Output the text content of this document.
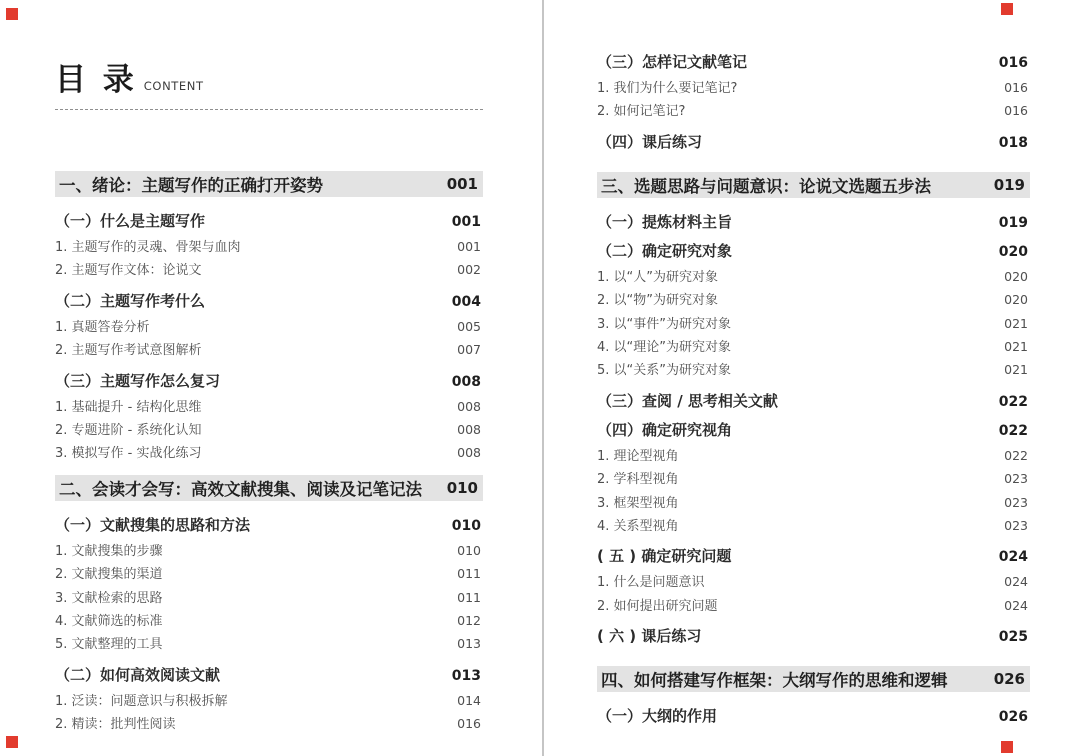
目 录 CONTENT
一、绪论：主题写作的正确打开姿势	001
（一）什么是主题写作	001
1. 主题写作的灵魂、骨架与血肉	001
2. 主题写作文体：论说文	002
（二）主题写作考什么	004
1. 真题答卷分析	005
2. 主题写作考试意图解析	007
（三）主题写作怎么复习	008
1. 基础提升 - 结构化思维	008
2. 专题进阶 - 系统化认知	008
3. 模拟写作 - 实战化练习	008
二、会读才会写：高效文献搜集、阅读及记笔记法 010
（一）文献搜集的思路和方法	010
1. 文献搜集的步骤	010
2. 文献搜集的渠道	011
3. 文献检索的思路	011
4. 文献筛选的标准	012
5. 文献整理的工具	013
（二）如何高效阅读文献	013
1. 泛读：问题意识与积极拆解	014
2. 精读：批判性阅读	016
（三）怎样记文献笔记	016
1. 我们为什么要记笔记?	016
2. 如何记笔记?	016
（四）课后练习	018
三、选题思路与问题意识：论说文选题五步法	019
（一）提炼材料主旨	019
（二）确定研究对象	020
1. 以“人”为研究对象	020
2. 以“物”为研究对象	020
3. 以“事件”为研究对象	021
4. 以“理论”为研究对象	021
5. 以“关系”为研究对象	021
（三）查阅 / 思考相关文献	022
（四）确定研究视角	022
1. 理论型视角	022
2. 学科型视角	023
3. 框架型视角	023
4. 关系型视角	023
( 五 ) 确定研究问题	024
1. 什么是问题意识	024
2. 如何提出研究问题	024
( 六 ) 课后练习	025
四、如何搭建写作框架：大纲写作的思维和逻辑	026
（一）大纲的作用	026
